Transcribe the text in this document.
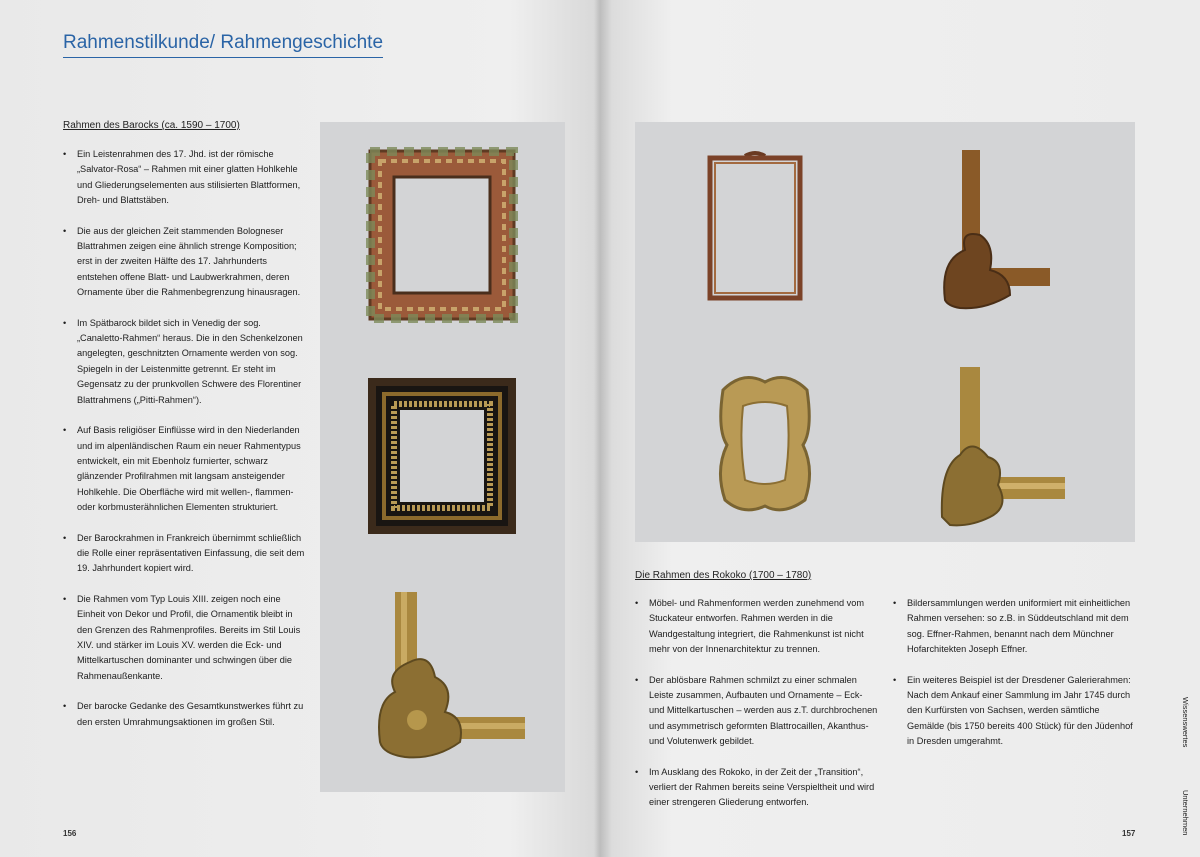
Rahmenstilkunde/ Rahmengeschichte
Rahmen des Barocks (ca. 1590 – 1700)
• Ein Leistenrahmen des 17. Jhd. ist der römische „Salvator-Rosa“ – Rahmen mit einer glatten Hohlkehle und Gliederungselementen aus stilisierten Blattformen, Dreh- und Blattstäben.
• Die aus der gleichen Zeit stammenden Bologneser Blattrahmen zeigen eine ähnlich strenge Komposition; erst in der zweiten Hälfte des 17. Jahrhunderts entstehen offene Blatt- und Laubwerkrahmen, deren Ornamente über die Rahmenbegrenzung hinausragen.
• Im Spätbarock bildet sich in Venedig der sog. „Canaletto-Rahmen“ heraus. Die in den Schenkelzonen angelegten, geschnitzten Ornamente werden von sog. Spiegeln in der Leistenmitte getrennt. Er steht im Gegensatz zu der prunkvollen Schwere des Florentiner Blattrahmens („Pitti-Rahmen“).
• Auf Basis religiöser Einflüsse wird in den Niederlanden und im alpenländischen Raum ein neuer Rahmentypus entwickelt, ein mit Ebenholz furnierter, schwarz glänzender Profilrahmen mit langsam ansteigender Hohlkehle. Die Oberfläche wird mit wellen-, flammen- oder korbmusterähnlichen Elementen strukturiert.
• Der Barockrahmen in Frankreich übernimmt schließlich die Rolle einer repräsentativen Einfassung, die seit dem 19. Jahrhundert kopiert wird.
• Die Rahmen vom Typ Louis XIII. zeigen noch eine Einheit von Dekor und Profil, die Ornamentik bleibt in den Grenzen des Rahmenprofiles. Bereits im Stil Louis XIV. und stärker im Louis XV. werden die Eck- und Mittelkartuschen dominanter und schwingen über die Rahmenaußenkante.
• Der barocke Gedanke des Gesamtkunstwerkes führt zu den ersten Umrahmungsaktionen im großen Stil.
156
Die Rahmen des Rokoko (1700 – 1780)
• Möbel- und Rahmenformen werden zunehmend vom Stuckateur entworfen. Rahmen werden in die Wandgestaltung integriert, die Rahmenkunst ist nicht mehr von der Innenarchitektur zu trennen.
• Der ablösbare Rahmen schmilzt zu einer schmalen Leiste zusammen, Aufbauten und Ornamente – Eck- und Mittelkartuschen – werden aus z.T. durchbrochenen und asymmetrisch geformten Blattrocaillen, Akanthus- und Volutenwerk gebildet.
• Im Ausklang des Rokoko, in der Zeit der „Transition“, verliert der Rahmen bereits seine Verspieltheit und wird einer strengeren Gliederung entworfen.
• Bildersammlungen werden uniformiert mit einheitlichen Rahmen versehen: so z.B. in Süddeutschland mit dem sog. Effner-Rahmen, benannt nach dem Münchner Hofarchitekten Joseph Effner.
• Ein weiteres Beispiel ist der Dresdener Galerierahmen: Nach dem Ankauf einer Sammlung im Jahr 1745 durch den Kurfürsten von Sachsen, werden sämtliche Gemälde (bis 1750 bereits 400 Stück) für den Jüdenhof in Dresden umgerahmt.
157
Wissenswertes
Unternehmen
